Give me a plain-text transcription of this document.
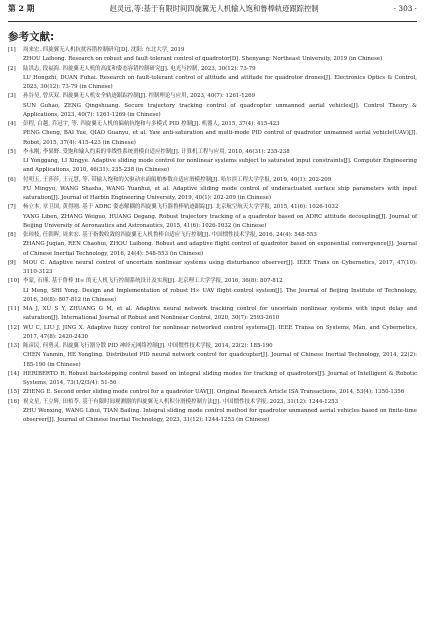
第 2 期	赵灵远,等:基于有限时间四旋翼无人机输入饱和鲁棒轨迹跟踪控制	· 303 ·
参考文献:
[1]	周来宏. 四旋翼无人机抗扰容错控制研究[D]. 沈阳: 东北大学, 2019
ZHOU Laihong. Research on robust and fault-tolerant control of quadrotor[D]. Shenyang: Northeast University, 2019 (in Chinese)
[2]	陆洪志, 段福海. 四旋翼无人机的高度和姿态容错控制研究[J]. 电光与控制, 2023, 30(12): 73-79
LU Hongzhi, DUAN Fuhai. Research on fault-tolerant control of altitude and attitude for quadrotor drones[J]. Electronics Optics & Control, 2023, 30(12): 73-79 (in Chinese)
[3]	孙谷昊, 曾庆双. 四旋翼无人机安全轨迹跟踪控制[J]. 控制理论与应用, 2023, 40(7): 1261-1269
SUN Guhao, ZENG Qingshuang. Secure trajectory tracking control of quadcopter unmanned aerial vehicles[J]. Control Theory & Applications, 2023, 40(7): 1261-1269 (in Chinese)
[4]	彭程, 白越, 乔冠宇, 等. 四旋翼无人机的偏航抗饱和与多模式 PID 控制[J]. 机器人, 2015, 37(4): 415-423
PENG Cheng, BAI Yue, QIAO Guanyu, et al. Yaw anti-saturation and multi-mode PID control of quadrotor unmanned aerial vehicle(UAV)[J]. Robot, 2015, 37(4): 415-423 (in Chinese)
[5]	李永刚, 李果野. 受饱和输入约束的非线性系统滑模自适应控制[J]. 计算机工程与应用, 2010, 46(31): 235-238
LI Yonggang, LI Xingye. Adaptive sliding mode control for nonlinear systems subject to saturated input constraints[J]. Computer Engineering and Applications, 2010, 46(31): 235-238 (in Chinese)
[6]	付明玉, 王莎莎, 王元慧, 等. 带输入饱和的欠驱动水面船舶参数自适应滑模控制[J]. 哈尔滨工程大学学报, 2019, 40(1): 202-209
FU Mingyu, WANG Shasha, WANG Yuanhui, et al. Adaptive sliding mode control of underactuated surface ship parameters with input saturation[J]. Journal of Harbin Engineering University, 2019, 40(1): 202-209 (in Chinese)
[7]	杨立本, 章卫国, 黄得刚. 基于 ADRC 姿态解耦的四旋翼飞行器鲁棒轨迹跟踪[J]. 北京航空航天大学学报, 2015, 41(6): 1026-1032
YANG Liben, ZHANG Weiguo, HUANG Degang. Robust trajectory tracking of a quadrotor based on ADRC attitude decoupling[J]. Journal of Beijing University of Aeronautics and Astronautics, 2015, 41(6): 1026-1032 (in Chinese)
[8]	张琼枝, 任朝晖, 周来宏. 基于指数收敛的四旋翼无人机鲁棒自适应飞行控制[J]. 中国惯性技术学报, 2016, 24(4): 548-553
ZHANG Juqian, REN Chaohui, ZHOU Laihong. Robust and adaptive flight control of quadrotor based on exponential convergence[J]. Journal of Chinese Inertial Technology, 2016, 24(4): 548-553 (in Chinese)
[9]	MOU C. Adaptive neural control of uncertain nonlinear systems using disturbance observer[J]. IEEE Trans on Cybernetics, 2017, 47(10): 3110-3123
[10] 李蒙, 石瑾. 基于鲁棒 H∞ 的无人机飞行控制系统设计及实现[J]. 北京理工大学学报, 2016, 36(8): 807-812
LI Meng, SHI Yong. Design and Implementation of robust H∞ UAV flight control system[J]. The Journal of Beijing Institute of Technology, 2016, 36(8): 807-812 (in Chinese)
[11] MA J, XU S Y, ZHUANG G M, et al. Adaptive neural network tracking control for uncertain nonlinear systems with input delay and saturation[J]. International Journal of Robust and Nonlinear Control, 2020, 30(7): 2593-2610
[12] WU C, LIU J, JING X. Adaptive fuzzy control for nonlinear networked control systems[J]. IEEE Transa on Systems, Man, and Cybernetics, 2017, 47(8): 2420-2430
[13] 陈彦民, 何勇灵. 四旋翼飞行器分散 PID 神经元网络控制[J]. 中国惯性技术学报, 2014, 22(2): 185-190
CHEN Yanmin, HE Yongling. Distributed PID neural network control for quadcopter[J]. Journal of Chinese Inertial Technology, 2014, 22(2): 185-190 (in Chinese)
[14] HERIBERTO R. Robust backstepping control based on integral sliding modes for tracking of quadrotors[J]. Journal of Intelligent & Robotic Systems, 2014, 73(1/2/3/4): 51-56
[15] ZHENG E. Second order sliding mode control for a quadrotor UAV[J]. Original Research Article ISA Transactions, 2014, 53(4): 1350-1356
[16] 祝文星, 王立辉, 田栢苓. 基于有限时间观测器的四旋翼无人机积分滑模控制方法[J]. 中国惯性技术学报, 2023, 31(12): 1244-1253
ZHU Wenxing, WANG Lihui, TIAN Bailing. Integral sliding mode control method for quadrotor unmanned aerial vehicles based on finite-time observer[J]. Journal of Chinese Inertial Technology, 2023, 31(12): 1244-1253 (in Chinese)
